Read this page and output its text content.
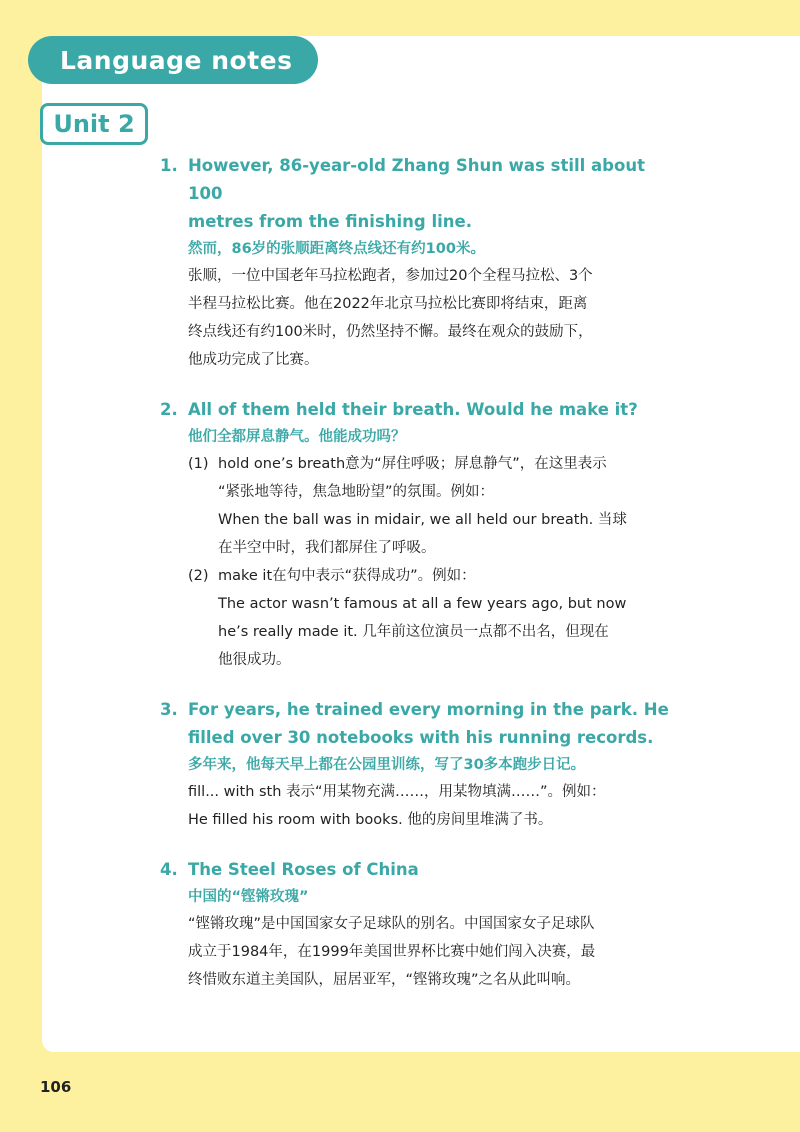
Language notes
Unit 2
1. However, 86-year-old Zhang Shun was still about 100
metres from the finishing line.
然而，86岁的张顺距离终点线还有约100米。
张顺，一位中国老年马拉松跑者，参加过20个全程马拉松、3个
半程马拉松比赛。他在2022年北京马拉松比赛即将结束，距离
终点线还有约100米时，仍然坚持不懈。最终在观众的鼓励下，
他成功完成了比赛。
2. All of them held their breath. Would he make it?
他们全都屏息静气。他能成功吗？
(1) hold one’s breath意为“屏住呼吸；屏息静气”，在这里表示
“紧张地等待，焦急地盼望”的氛围。例如：
When the ball was in midair, we all held our breath. 当球
在半空中时，我们都屏住了呼吸。
(2) make it在句中表示“获得成功”。例如：
The actor wasn’t famous at all a few years ago, but now
he’s really made it. 几年前这位演员一点都不出名，但现在
他很成功。
3. For years, he trained every morning in the park. He
filled over 30 notebooks with his running records.
多年来，他每天早上都在公园里训练，写了30多本跑步日记。
fill... with sth 表示“用某物充满……，用某物填满……”。例如：
He filled his room with books. 他的房间里堆满了书。
4. The Steel Roses of China
中国的“铿锵玫瑰”
“铿锵玫瑰”是中国国家女子足球队的别名。中国国家女子足球队
成立于1984年，在1999年美国世界杯比赛中她们闯入决赛，最
终惜败东道主美国队，屈居亚军，“铿锵玫瑰”之名从此叫响。
106
